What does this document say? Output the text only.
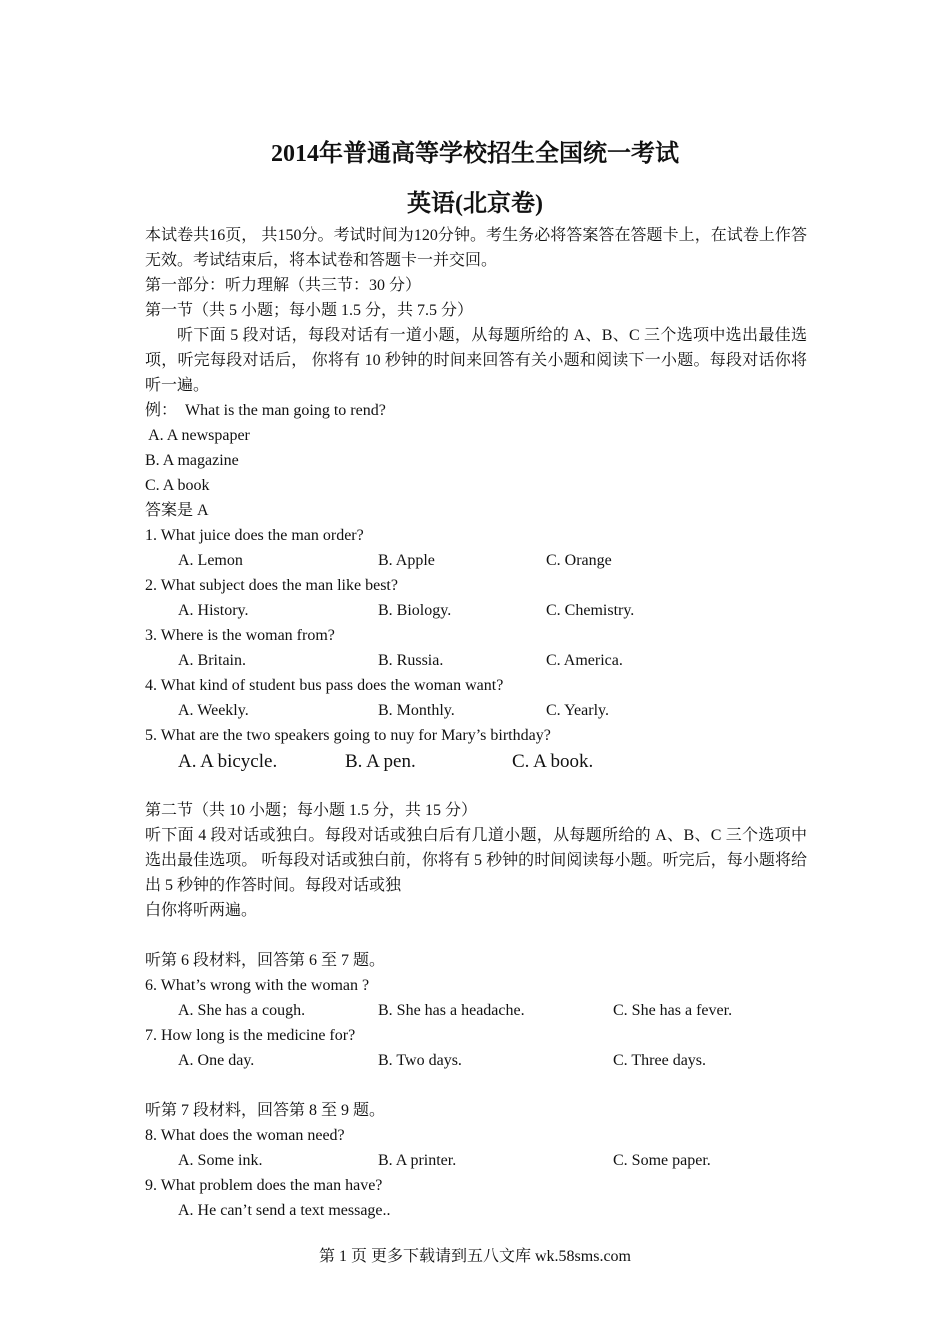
2014年普通高等学校招生全国统一考试
英语(北京卷)
本试卷共16页， 共150分。考试时间为120分钟。考生务必将答案答在答题卡上，在试卷上作答无效。考试结束后，将本试卷和答题卡一并交回。
第一部分：听力理解（共三节：30 分）
第一节（共 5 小题；每小题 1.5 分，共 7.5 分）
听下面 5 段对话，每段对话有一道小题，从每题所给的 A、B、C 三个选项中选出最佳选项，听完每段对话后， 你将有 10 秒钟的时间来回答有关小题和阅读下一小题。每段对话你将听一遍。
例：  What is the man going to rend?
A. A newspaper
B. A magazine
C. A book
答案是 A
1. What juice does the man order?
A. Lemon	B. Apple	C. Orange
2. What subject does the man like best?
A. History.	B. Biology.	C. Chemistry.
3. Where is the woman from?
A. Britain.	B. Russia.	C. America.
4. What kind of student bus pass does the woman want?
A. Weekly.	B. Monthly.	C. Yearly.
5. What are the two speakers going to nuy for Mary’s birthday?
A. A bicycle.	B. A pen.	C. A book.
第二节（共 10 小题；每小题 1.5 分，共 15 分）
听下面 4 段对话或独白。每段对话或独白后有几道小题，从每题所给的 A、B、C 三个选项中选出最佳选项。 听每段对话或独白前，你将有 5 秒钟的时间阅读每小题。听完后，每小题将给出 5 秒钟的作答时间。每段对话或独
白你将听两遍。
听第 6 段材料，回答第 6 至 7 题。
6. What’s wrong with the woman ?
A. She has a cough.	B. She has a headache.	C. She has a fever.
7. How long is the medicine for?
A. One day.	B. Two days.	C. Three days.
听第 7 段材料，回答第 8 至 9 题。
8. What does the woman need?
A. Some ink.	B. A printer.	C. Some paper.
9. What problem does the man have?
A. He can’t send a text message..
第 1 页 更多下载请到五八文库 wk.58sms.com
